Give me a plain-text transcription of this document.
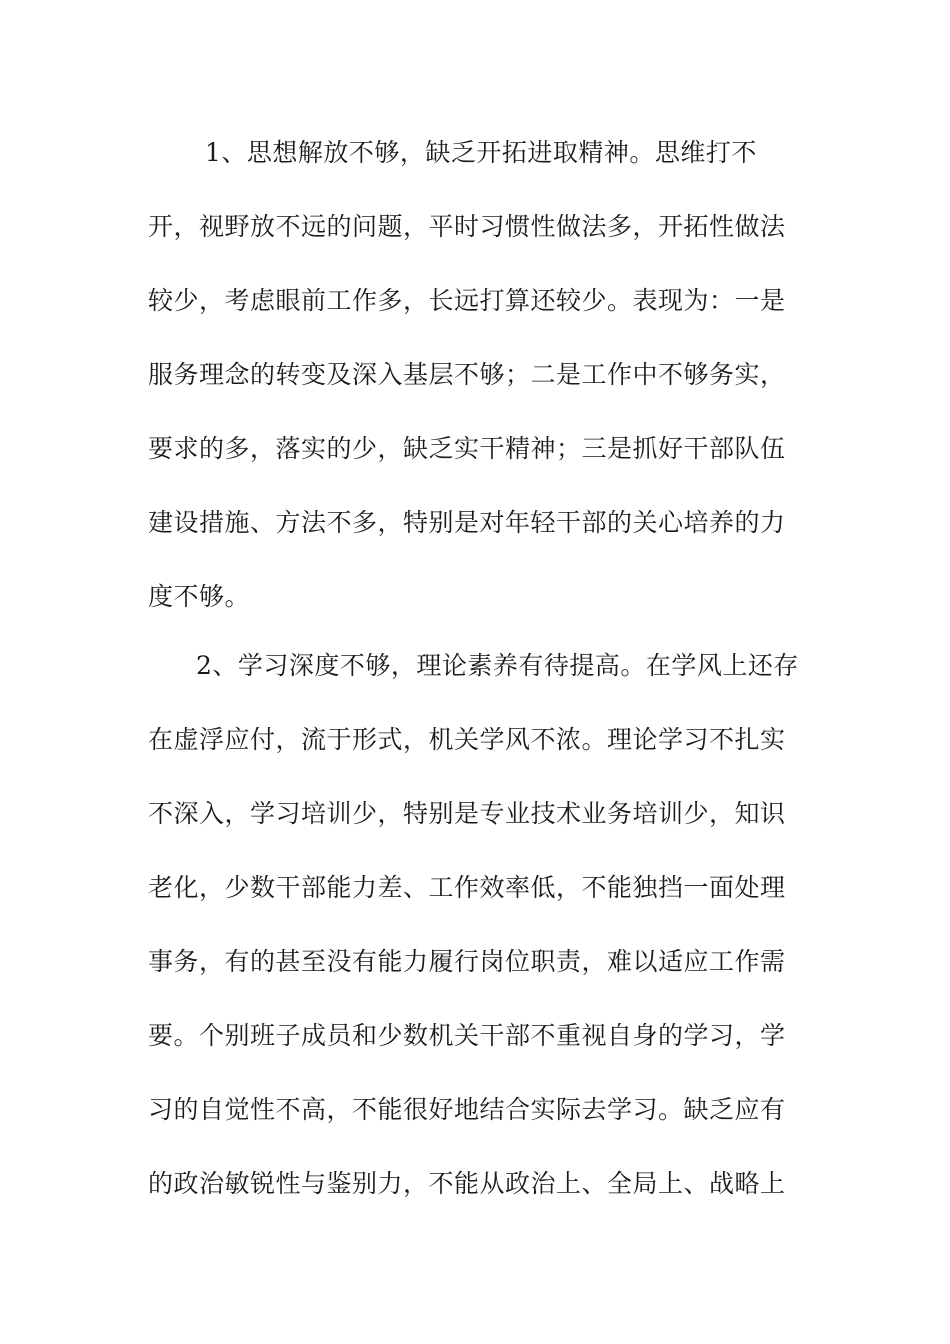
1、思想解放不够，缺乏开拓进取精神。思维打不
开，视野放不远的问题，平时习惯性做法多，开拓性做法
较少，考虑眼前工作多，长远打算还较少。表现为：一是
服务理念的转变及深入基层不够；二是工作中不够务实，
要求的多，落实的少，缺乏实干精神；三是抓好干部队伍
建设措施、方法不多，特别是对年轻干部的关心培养的力
度不够。
2、学习深度不够，理论素养有待提高。在学风上还存
在虚浮应付，流于形式，机关学风不浓。理论学习不扎实
不深入，学习培训少，特别是专业技术业务培训少，知识
老化，少数干部能力差、工作效率低，不能独挡一面处理
事务，有的甚至没有能力履行岗位职责，难以适应工作需
要。个别班子成员和少数机关干部不重视自身的学习，学
习的自觉性不高，不能很好地结合实际去学习。缺乏应有
的政治敏锐性与鉴别力，不能从政治上、全局上、战略上
